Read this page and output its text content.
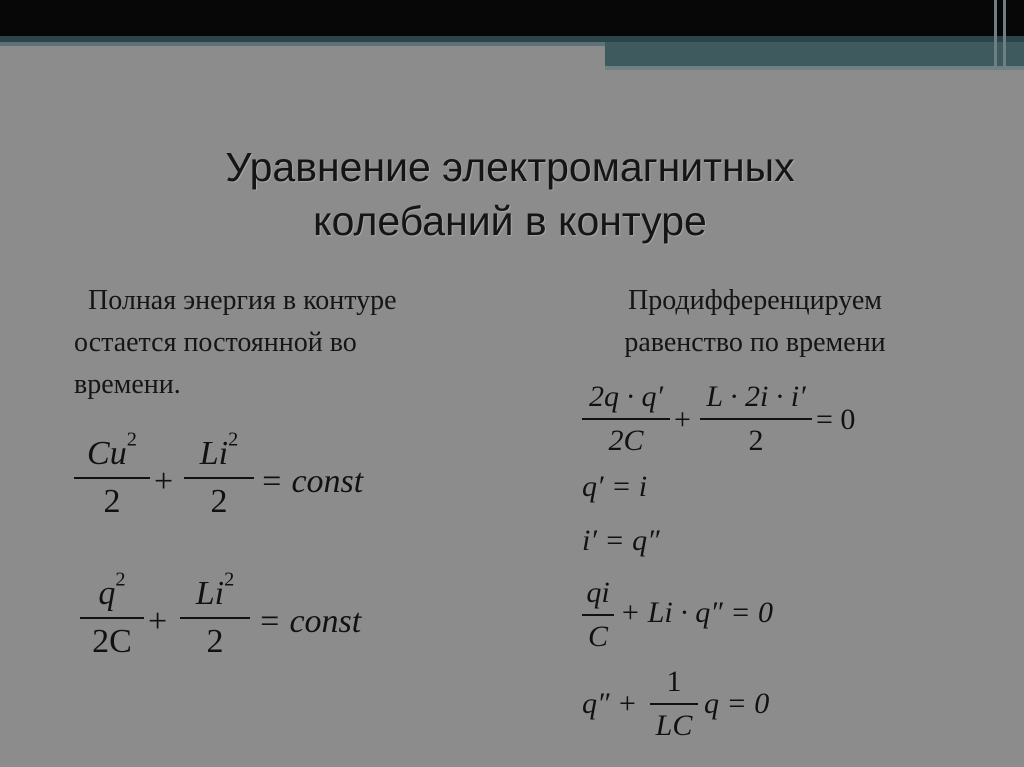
Уравнение электромагнитных
колебаний в контуре
Полная энергия в контуре
остается постоянной во
времени.
Продифференцируем
равенство по времени
Cu$^2$
2
+
$Li^2$
2
= const
$q^2$
2C
+
$Li^2$
2
= const
2q · q′
2C
+
L · 2i · i′
2
= 0
q′ = i
i′ = q″
qi
C
+ Li · q″ = 0
q″ +
1
LC
q = 0
